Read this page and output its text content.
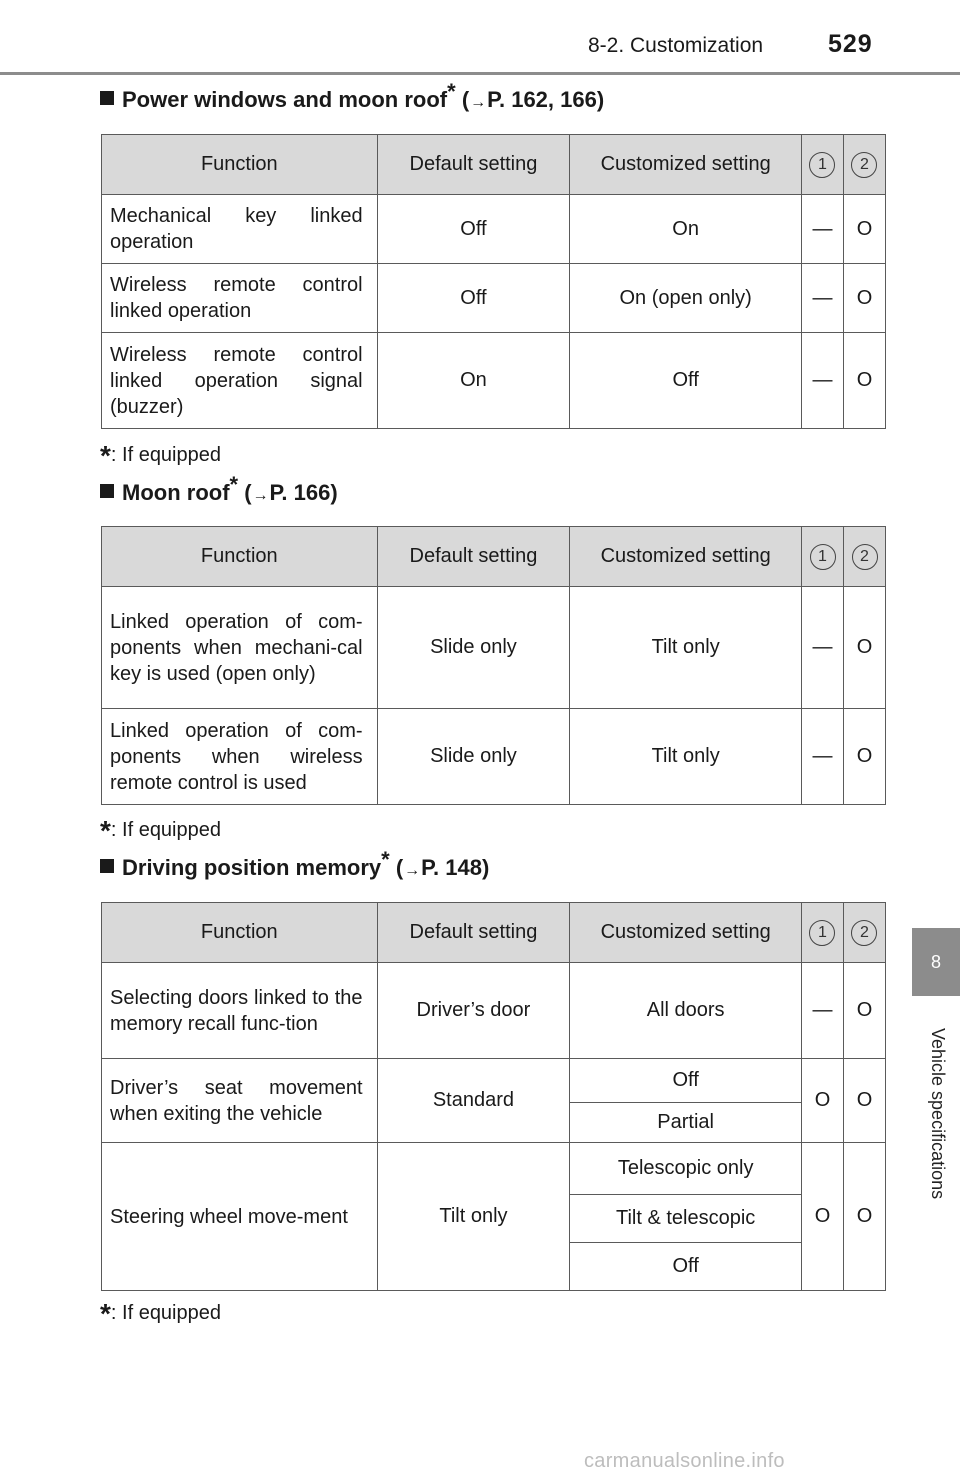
8-2. Customization	529
8
Vehicle specifications
Power windows and moon roof* (→P. 162, 166)
Function	Default setting	Customized setting	1	2
Mechanical key linked operation	Off	On	—	O
Wireless remote control linked operation	Off	On (open only)	—	O
Wireless remote control linked operation signal (buzzer)	On	Off	—	O
*: If equipped
Moon roof* (→P. 166)
Function	Default setting	Customized setting	1	2
Linked operation of com-ponents when mechani-cal key is used (open only)	Slide only	Tilt only	—	O
Linked operation of com-ponents when wireless remote control is used	Slide only	Tilt only	—	O
*: If equipped
Driving position memory* (→P. 148)
Function	Default setting	Customized setting	1	2
Selecting doors linked to the memory recall func-tion	Driver’s door	All doors	—	O
Driver’s seat movement when exiting the vehicle	Standard	Off	O	O
		Partial		
Steering wheel move-ment	Tilt only	Telescopic only	O	O
		Tilt & telescopic		
		Off		
*: If equipped
carmanualsonline.info
